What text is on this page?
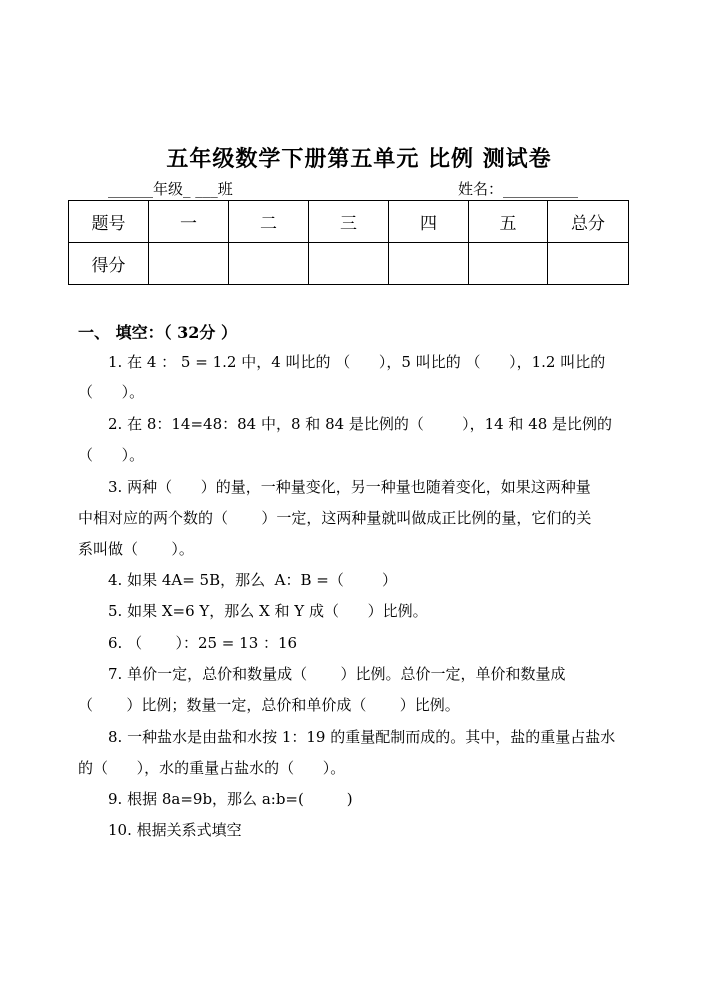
五年级数学下册第五单元 比例 测试卷
______年级_ ___班	姓名：__________
题号	一	二	三	四	五	总分
得分						
一、 填空：（ 32分 ）
1. 在 4 ： 5 = 1.2 中，4 叫比的 （      ），5 叫比的 （      ），1.2 叫比的
（      ）。
2. 在 8：14=48：84 中，8 和 84 是比例的（        ），14 和 48 是比例的
（      ）。
3. 两种（      ）的量，一种量变化，另一种量也随着变化，如果这两种量
中相对应的两个数的（       ）一定，这两种量就叫做成正比例的量，它们的关
系叫做（       ）。
4. 如果 4A= 5B，那么  A：B =（        ）
5. 如果 X=6 Y，那么 X 和 Y 成（      ）比例。
6. （       ）：25 = 13 ：16
7. 单价一定，总价和数量成（       ）比例。总价一定，单价和数量成
（       ）比例；数量一定，总价和单价成（       ）比例。
8. 一种盐水是由盐和水按 1：19 的重量配制而成的。其中，盐的重量占盐水
的（      ），水的重量占盐水的（      ）。
9. 根据 8a=9b，那么 a:b=(         )
10. 根据关系式填空
